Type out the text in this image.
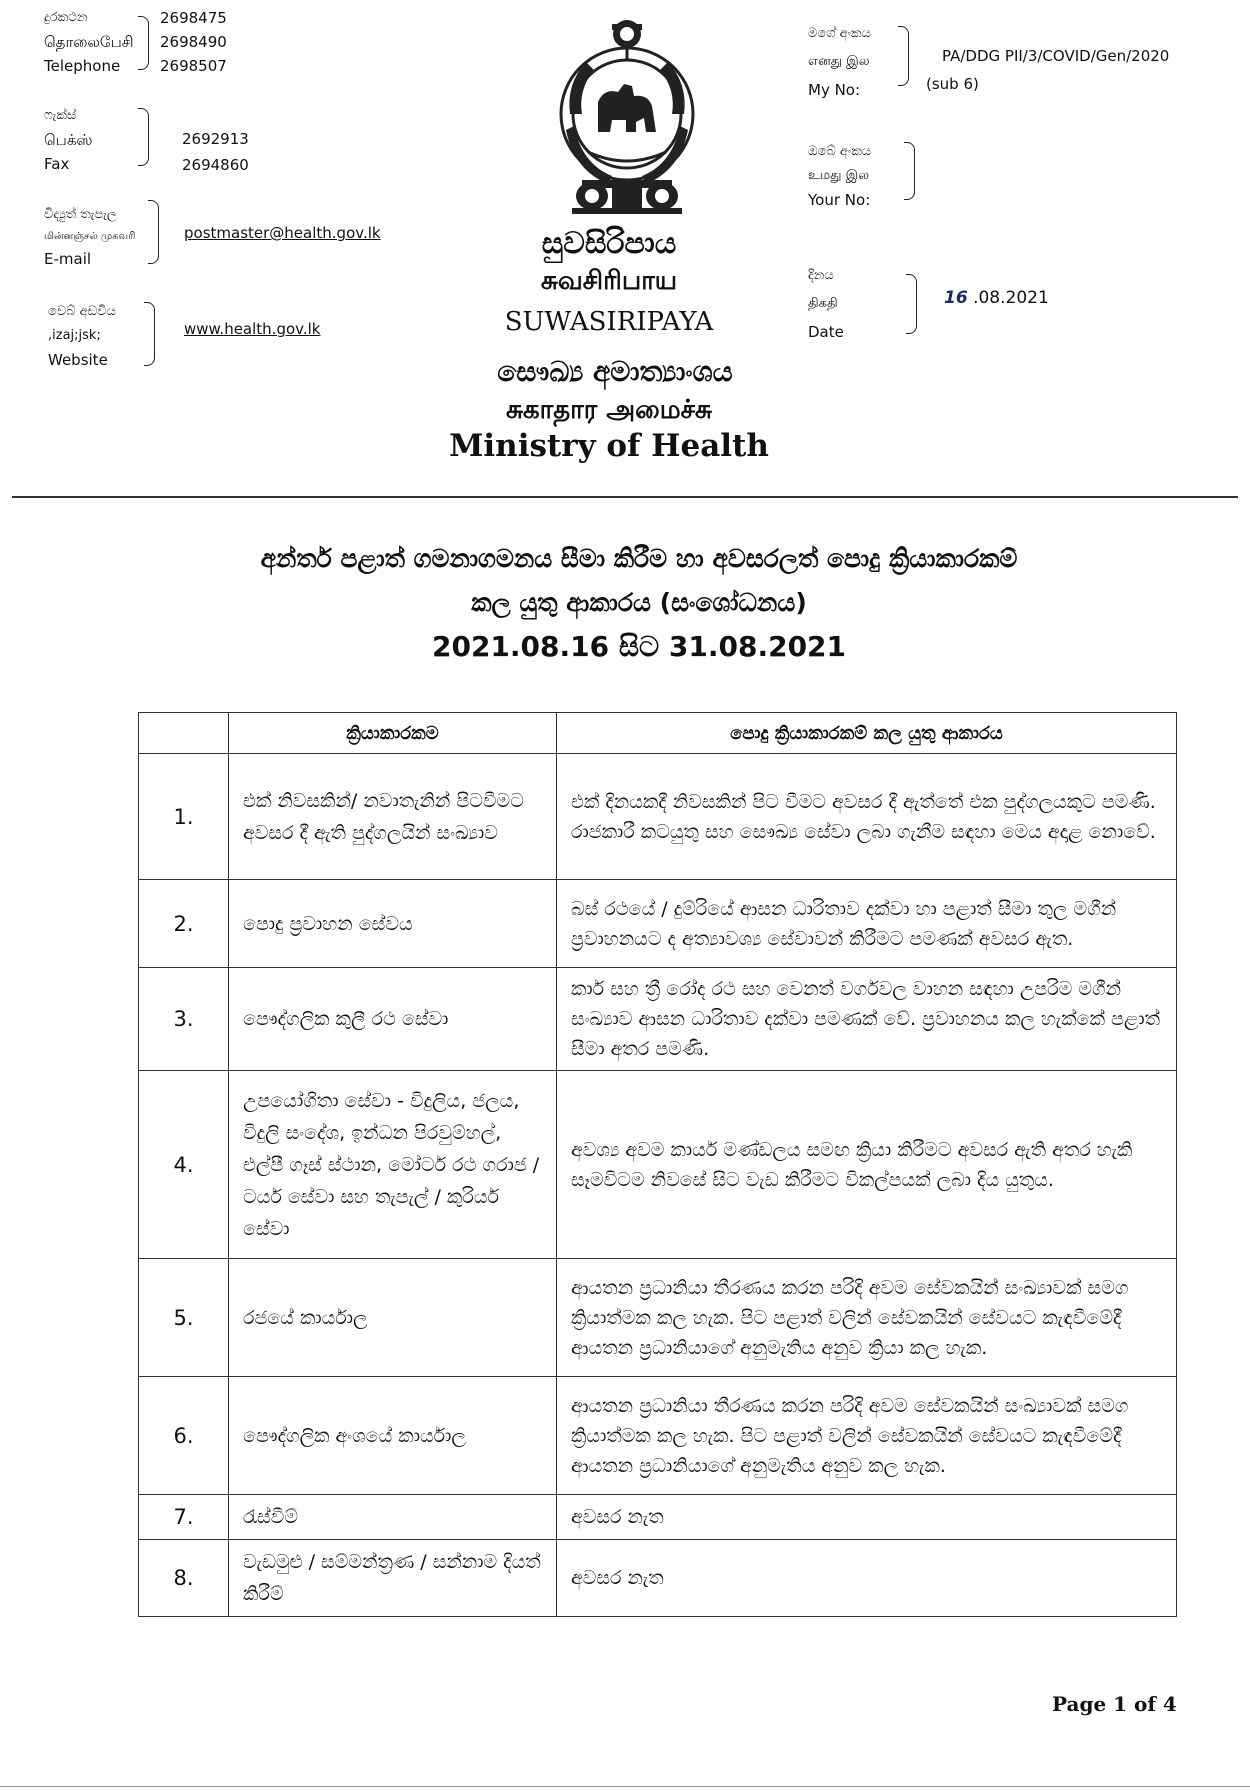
දුරකථන
தொலைபேசி
Telephone
2698475
2698490
2698507
ෆැක්ස්
பெக்ஸ்
Fax
2692913
2694860
විද්‍යුත් තැපැල
மின்னஞ்சல் முகவரி
E-mail
postmaster@health.gov.lk
වෙබ් අඩවිය
,izaj;jsk;
Website
www.health.gov.lk
සුවසිරිපාය
சுவசிரிபாய
SUWASIRIPAYA
සෞඛ්‍ය අමාත්‍යාංශය
சுகாதார அமைச்சு
Ministry of Health
මගේ අංකය
எனது இல
My No:
PA/DDG PII/3/COVID/Gen/2020
(sub 6)
ඔබේ අංකය
உமது இல
Your No:
දිනය
திகதி
Date
16 .08.2021
අන්තර් පළාත් ගමනාගමනය සීමා කිරීම හා අවසරලත් පොදු ක්‍රියාකාරකම්
කල යුතු ආකාරය (සංශෝධනය)
2021.08.16 සිට 31.08.2021
	ක්‍රියාකාරකම	පොදු ක්‍රියාකාරකම් කල යුතු ආකාරය
1.	එක් නිවසකින්/ නවාතැනින් පිටවීමට අවසර දී ඇති පුද්ගලයින් සංඛ්‍යාව	එක් දිනයකදී නිවසකින් පිට වීමට අවසර දී ඇත්තේ එක පුද්ගලයකුට පමණි. රාජකාරී කටයුතු සහ සෞඛ්‍ය සේවා ලබා ගැනීම සඳහා මෙය අදාළ නොවේ.
2.	පොදු ප්‍රවාහන සේවය	බස් රථයේ / දුම්රියේ ආසන ධාරිතාව දක්වා හා පළාත් සීමා තුල මගීන් ප්‍රවාහනයට ද අත්‍යාවශ්‍ය සේවාවන් කිරීමට පමණක් අවසර ඇත.
3.	පෞද්ගලික කුලී රථ සේවා	කාර් සහ ත්‍රී රෝද රථ සහ වෙනත් වර්ගවල වාහන සඳහා උපරිම මගීන් සංඛ්‍යාව ආසන ධාරිතාව දක්වා පමණක් වේ. ප්‍රවාහනය කල හැක්කේ පළාත් සීමා අතර පමණි.
4.	උපයෝගිතා සේවා - විදුලිය, ජලය, විදුලි සංදේශ, ඉන්ධන පිරවුම්හල්, එල්පී ගෑස් ස්ථාන, මෝටර් රථ ගරාජ / ටයර් සේවා සහ තැපැල් / කුරියර් සේවා	අවශ්‍ය අවම කාර්ය මණ්ඩලය සමඟ ක්‍රියා කිරීමට අවසර ඇති අතර හැකි සෑමවිටම නිවසේ සිට වැඩ කිරීමට විකල්පයක් ලබා දිය යුතුය.
5.	රජයේ කාර්යාල	ආයතන ප්‍රධානියා තීරණය කරන පරිදි අවම සේවකයින් සංඛ්‍යාවක් සමග ක්‍රියාත්මක කල හැක. පිට පළාත් වලින් සේවකයින් සේවයට කැඳවීමේදී ආයතන ප්‍රධානියාගේ අනුමැතිය අනුව ක්‍රියා කල හැක.
6.	පෞද්ගලික අංශයේ කාර්යාල	ආයතන ප්‍රධානියා තීරණය කරන පරිදි අවම සේවකයින් සංඛ්‍යාවක් සමග ක්‍රියාත්මක කල හැක. පිට පළාත් වලින් සේවකයින් සේවයට කැඳවීමේදී ආයතන ප්‍රධානියාගේ අනුමැතිය අනුව කල හැක.
7.	රැස්වීම්	අවසර නැත
8.	වැඩමුළු / සම්මන්ත්‍රණ / සන්නාම දියත් කිරීම්	අවසර නැත
Page 1 of 4
